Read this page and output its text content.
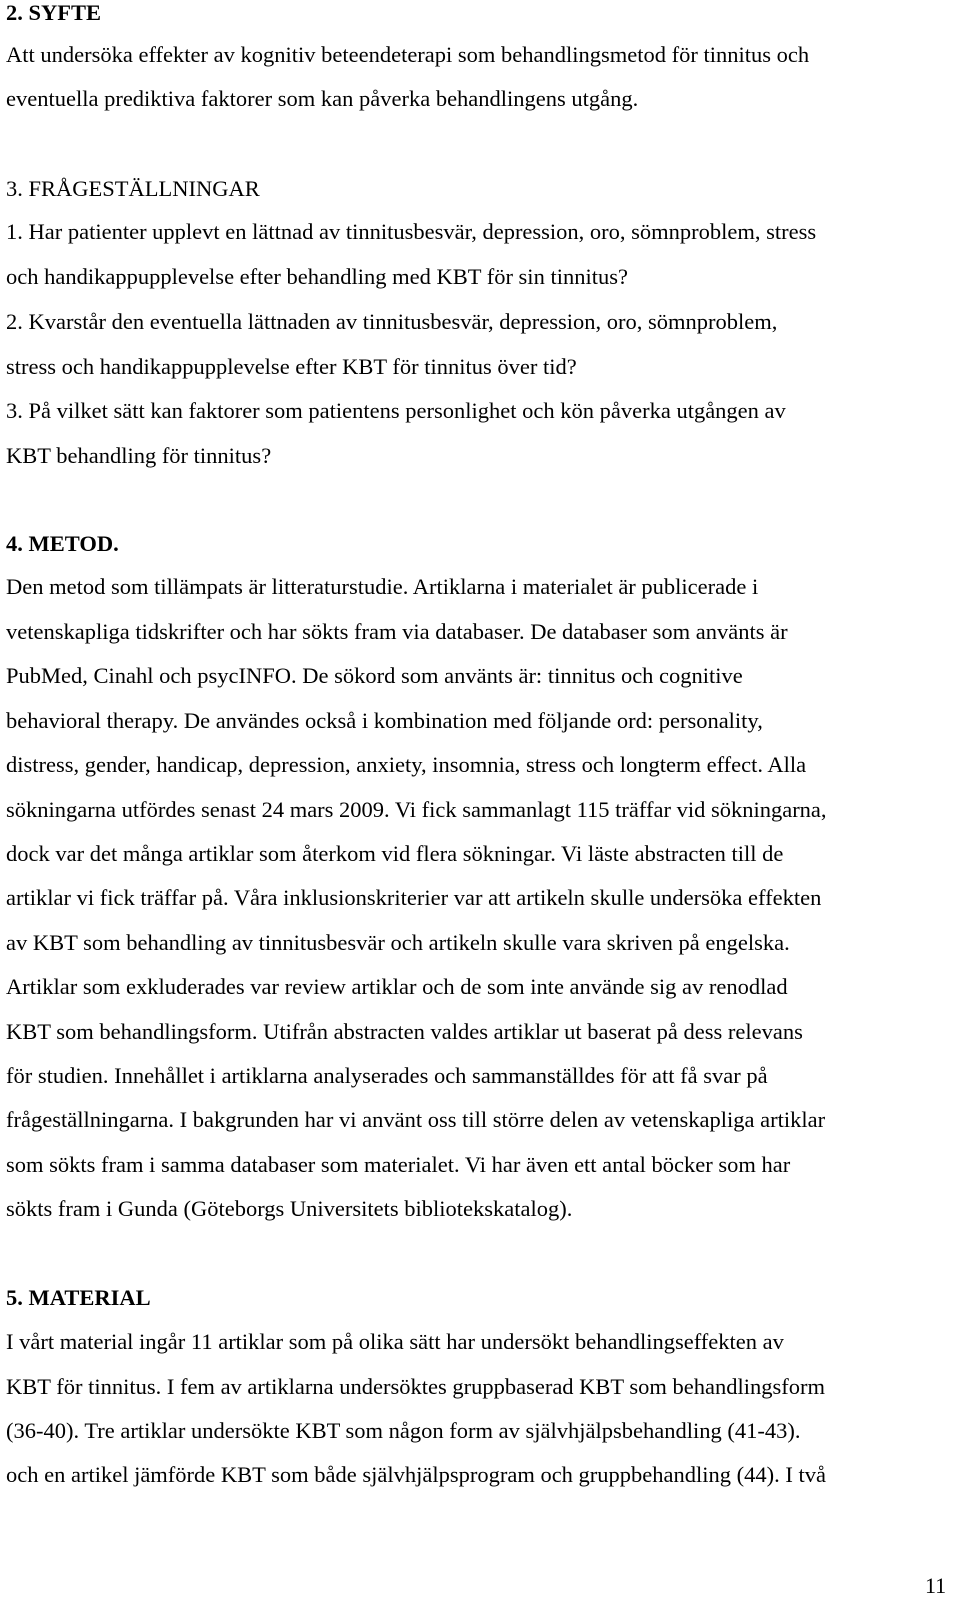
2. SYFTE
Att undersöka effekter av kognitiv beteendeterapi som behandlingsmetod för tinnitus och
eventuella prediktiva faktorer som kan påverka behandlingens utgång.
3. FRÅGESTÄLLNINGAR
1. Har patienter upplevt en lättnad av tinnitusbesvär, depression, oro, sömnproblem, stress
och handikappupplevelse efter behandling med KBT för sin tinnitus?
2. Kvarstår den eventuella lättnaden av tinnitusbesvär, depression, oro, sömnproblem,
stress och handikappupplevelse efter KBT för tinnitus över tid?
3. På vilket sätt kan faktorer som patientens personlighet och kön påverka utgången av
KBT behandling för tinnitus?
4. METOD.
Den metod som tillämpats är litteraturstudie. Artiklarna i materialet är publicerade i
vetenskapliga tidskrifter och har sökts fram via databaser. De databaser som använts är
PubMed, Cinahl och psycINFO. De sökord som använts är: tinnitus och cognitive
behavioral therapy. De användes också i kombination med följande ord: personality,
distress, gender, handicap, depression, anxiety, insomnia, stress och longterm effect. Alla
sökningarna utfördes senast 24 mars 2009. Vi fick sammanlagt 115 träffar vid sökningarna,
dock var det många artiklar som återkom vid flera sökningar. Vi läste abstracten till de
artiklar vi fick träffar på. Våra inklusionskriterier var att artikeln skulle undersöka effekten
av KBT som behandling av tinnitusbesvär och artikeln skulle vara skriven på engelska.
Artiklar som exkluderades var review artiklar och de som inte använde sig av renodlad
KBT som behandlingsform. Utifrån abstracten valdes artiklar ut baserat på dess relevans
för studien. Innehållet i artiklarna analyserades och sammanställdes för att få svar på
frågeställningarna. I bakgrunden har vi använt oss till större delen av vetenskapliga artiklar
som sökts fram i samma databaser som materialet. Vi har även ett antal böcker som har
sökts fram i Gunda (Göteborgs Universitets bibliotekskatalog).
5. MATERIAL
I vårt material ingår 11 artiklar som på olika sätt har undersökt behandlingseffekten av
KBT för tinnitus. I fem av artiklarna undersöktes gruppbaserad KBT som behandlingsform
(36-40). Tre artiklar undersökte KBT som någon form av självhjälpsbehandling (41-43).
och en artikel jämförde KBT som både självhjälpsprogram och gruppbehandling (44). I två
11
